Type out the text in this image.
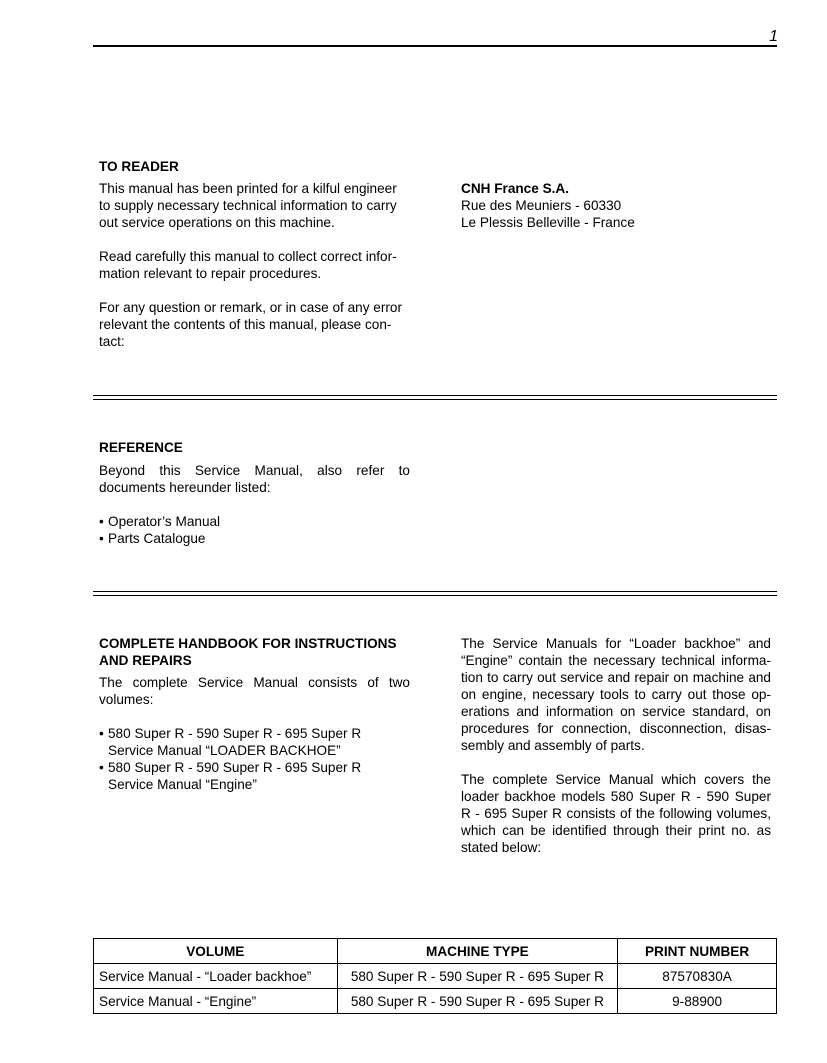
1
TO READER

This manual has been printed for a kilful engineer
to supply necessary technical information to carry
out service operations on this machine.

Read carefully this manual to collect correct infor-
mation relevant to repair procedures.

For any question or remark, or in case of any error
relevant the contents of this manual, please con-
tact:

CNH France S.A.
Rue des Meuniers - 60330
Le Plessis Belleville - France
REFERENCE

Beyond this Service Manual, also refer to
documents hereunder listed:

• Operator’s Manual
• Parts Catalogue
COMPLETE HANDBOOK FOR INSTRUCTIONS
AND REPAIRS

The complete Service Manual consists of two
volumes:

• 580 Super R - 590 Super R - 695 Super R
Service Manual “LOADER BACKHOE”
• 580 Super R - 590 Super R - 695 Super R
Service Manual “Engine”

The Service Manuals for “Loader backhoe” and
“Engine” contain the necessary technical informa-
tion to carry out service and repair on machine and
on engine, necessary tools to carry out those op-
erations and information on service standard, on
procedures for connection, disconnection, disas-
sembly and assembly of parts.

The complete Service Manual which covers the
loader backhoe models 580 Super R - 590 Super
R - 695 Super R consists of the following volumes,
which can be identified through their print no. as
stated below:

VOLUME	MACHINE TYPE	PRINT NUMBER
Service Manual - “Loader backhoe”	580 Super R - 590 Super R - 695 Super R	87570830A
Service Manual - “Engine”	580 Super R - 590 Super R - 695 Super R	9-88900
